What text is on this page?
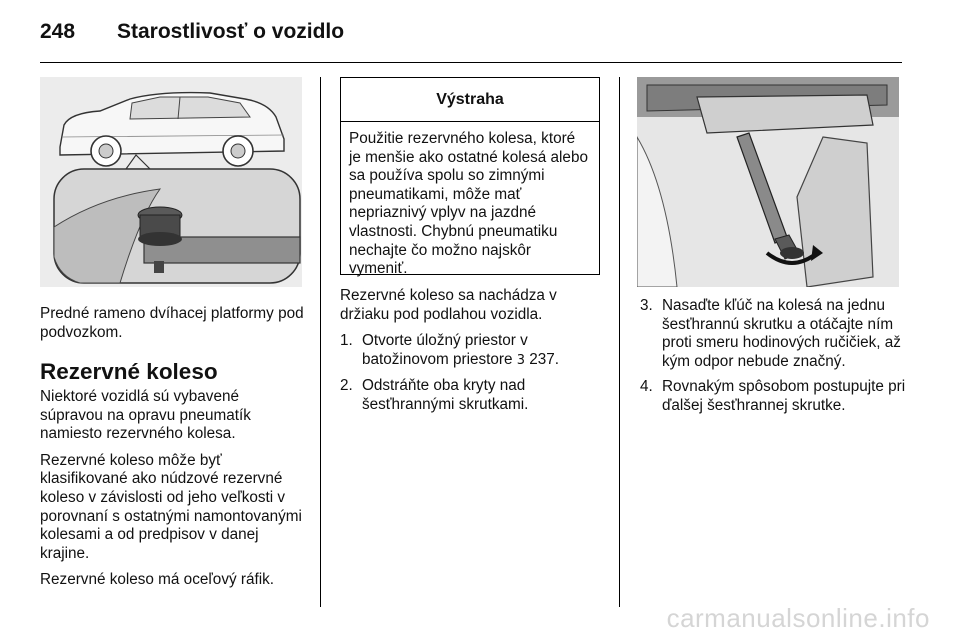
248 Starostlivosť o vozidlo

Predné rameno dvíhacej platformy pod podvozkom.

Rezervné koleso

Niektoré vozidlá sú vybavené súpravou na opravu pneumatík namiesto rezervného kolesa.

Rezervné koleso môže byť klasifikované ako núdzové rezervné koleso v závislosti od jeho veľkosti v porovnaní s ostatnými namontovanými kolesami a od predpisov v danej krajine.

Rezervné koleso má oceľový ráfik.

Výstraha

Použitie rezervného kolesa, ktoré je menšie ako ostatné kolesá alebo sa používa spolu so zimnými pneumatikami, môže mať nepriaznivý vplyv na jazdné vlastnosti. Chybnú pneumatiku nechajte čo možno najskôr vymeniť.

Rezervné koleso sa nachádza v držiaku pod podlahou vozidla.

1. Otvorte úložný priestor v batožinovom priestore 3 237.
2. Odstráňte oba kryty nad šesťhrannými skrutkami.
3. Nasaďte kľúč na kolesá na jednu šesťhrannú skrutku a otáčajte ním proti smeru hodinových ručičiek, až kým odpor nebude značný.
4. Rovnakým spôsobom postupujte pri ďalšej šesťhrannej skrutke.
carmanualsonline.info
